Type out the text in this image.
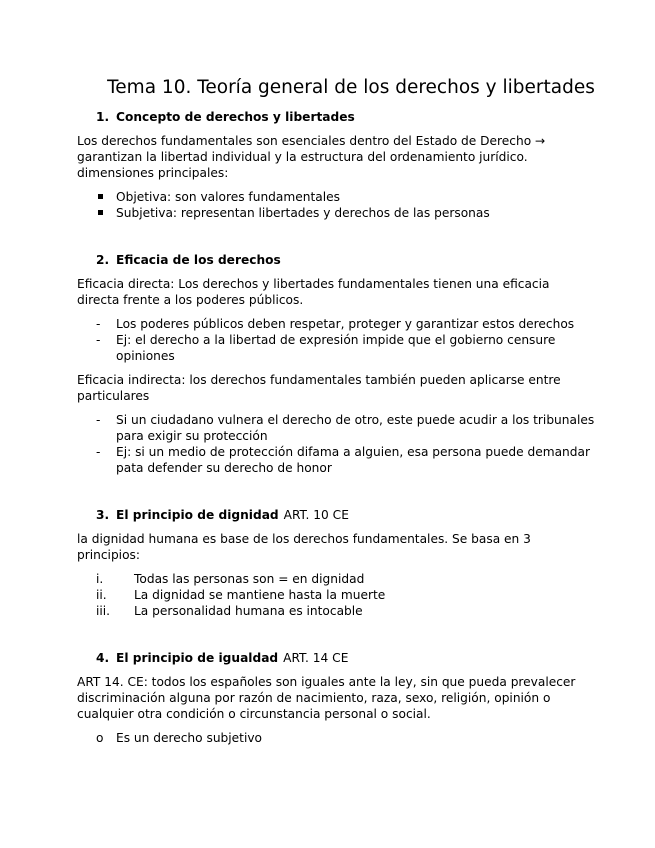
Tema 10. Teoría general de los derechos y libertades
1. Concepto de derechos y libertades

Los derechos fundamentales son esenciales dentro del Estado de Derecho → garantizan la libertad individual y la estructura del ordenamiento jurídico. dimensiones principales:

Objetiva: son valores fundamentales
Subjetiva: representan libertades y derechos de las personas
2. Eficacia de los derechos

Eficacia directa: Los derechos y libertades fundamentales tienen una eficacia directa frente a los poderes públicos.

-	Los poderes públicos deben respetar, proteger y garantizar estos derechos
-	Ej: el derecho a la libertad de expresión impide que el gobierno censure opiniones

Eficacia indirecta: los derechos fundamentales también pueden aplicarse entre particulares

-	Si un ciudadano vulnera el derecho de otro, este puede acudir a los tribunales para exigir su protección
-	Ej: si un medio de protección difama a alguien, esa persona puede demandar pata defender su derecho de honor
3. El principio de dignidad ART. 10 CE

la dignidad humana es base de los derechos fundamentales. Se basa en 3 principios:

i.	Todas las personas son = en dignidad
ii.	La dignidad se mantiene hasta la muerte
iii.	La personalidad humana es intocable
4. El principio de igualdad ART. 14 CE

ART 14. CE: todos los españoles son iguales ante la ley, sin que pueda prevalecer discriminación alguna por razón de nacimiento, raza, sexo, religión, opinión o cualquier otra condición o circunstancia personal o social.

o	Es un derecho subjetivo
